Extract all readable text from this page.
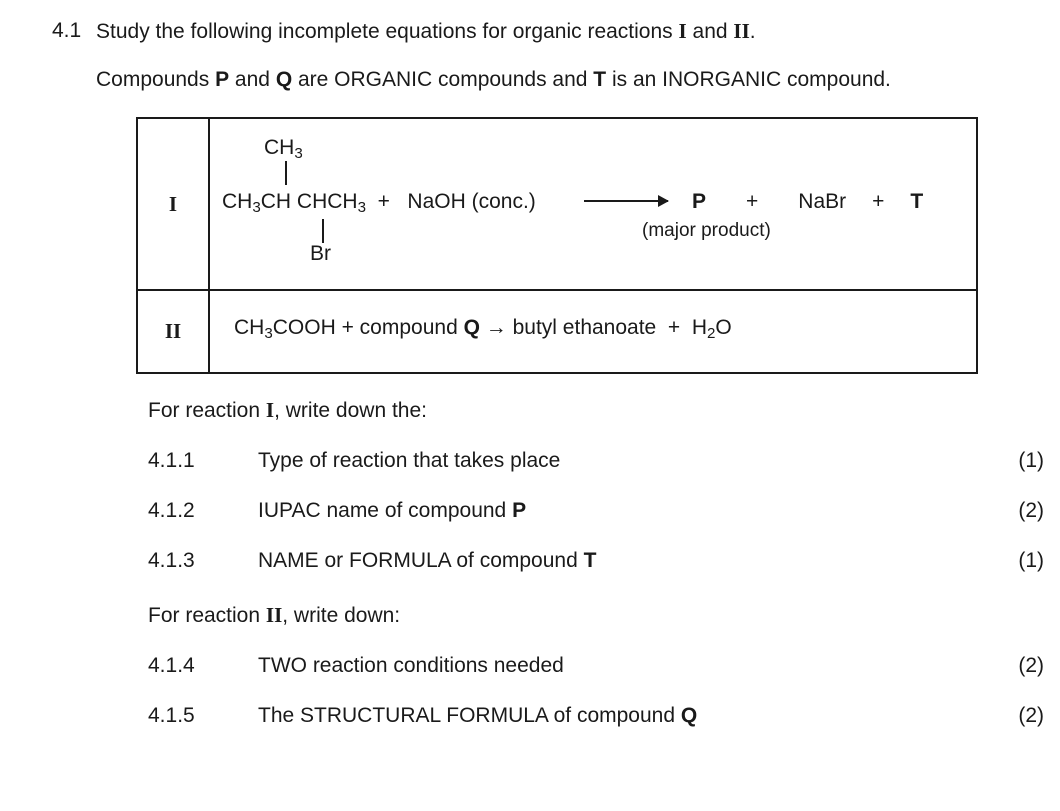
4.1 Study the following incomplete equations for organic reactions I and II.
Compounds P and Q are ORGANIC compounds and T is an INORGANIC compound.
I
$CH_3$
$CH_3CH$ $CHCH_3$  +   NaOH (conc.)
Br
→ P + NaBr + T
(major product)
II	$CH_3COOH$ + compound Q → butyl ethanoate  +  $H_2O$
For reaction I, write down the:
4.1.1	Type of reaction that takes place	(1)
4.1.2	IUPAC name of compound P	(2)
4.1.3	NAME or FORMULA of compound T	(1)
For reaction II, write down:
4.1.4	TWO reaction conditions needed	(2)
4.1.5	The STRUCTURAL FORMULA of compound Q	(2)
